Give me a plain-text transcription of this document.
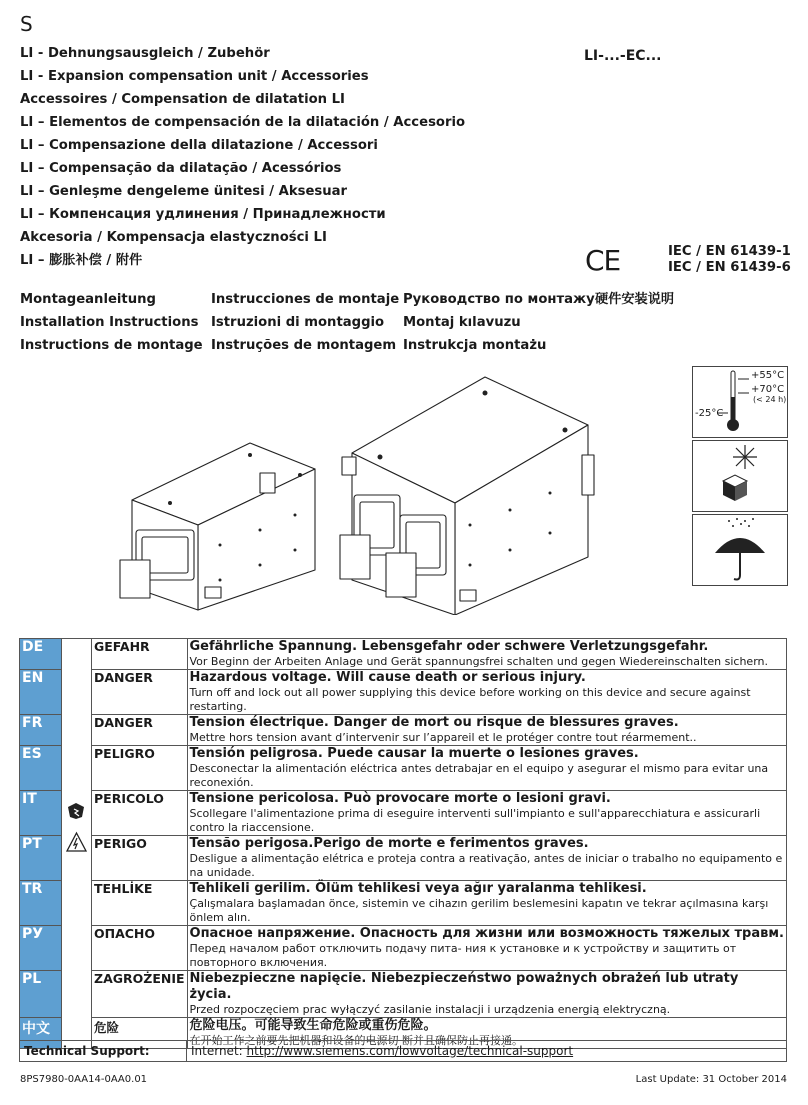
S
LI - Dehnungsausgleich / Zubehör
LI - Expansion compensation unit / Accessories
Accessoires / Compensation de dilatation LI
LI – Elementos de compensación de la dilatación / Accesorio
LI – Compensazione della dilatazione / Accessori
LI – Compensação da dilatação / Acessórios
LI – Genleşme dengeleme ünitesi / Aksesuar
LI – Компенсация удлинения / Принадлежности
Akcesoria / Kompensacja elastyczności LI
LI – 膨胀补偿 / 附件
LI-...-EC...
CE	IEC / EN 61439-1
IEC / EN 61439-6
Montageanleitung
Installation Instructions
Instructions de montage
Instrucciones de montaje
Istruzioni di montaggio
Instruções de montagem
Руководство по монтажу
Montaj kılavuzu
Instrukcja montażu
硬件安装说明
+55°C
+70°C
(< 24 h)
-25°C
DE		GEFAHR	Gefährliche Spannung. Lebensgefahr oder schwere Verletzungsgefahr.
Vor Beginn der Arbeiten Anlage und Gerät spannungsfrei schalten und gegen Wiedereinschalten sichern.

EN		DANGER	Hazardous voltage. Will cause death or serious injury.
Turn off and lock out all power supplying this device before working on this device and secure against restarting.

FR		DANGER	Tension électrique. Danger de mort ou risque de blessures graves.
Mettre hors tension avant d’intervenir sur l’appareil et le protéger contre tout réarmement..

ES		PELIGRO	Tensión peligrosa. Puede causar la muerte o lesiones graves.
Desconectar la alimentación eléctrica antes detrabajar en el equipo y asegurar el mismo para evitar una reconexión.

IT		PERICOLO	Tensione pericolosa. Può provocare morte o lesioni gravi.
Scollegare l'alimentazione prima di eseguire interventi sull'impianto e sull'apparecchiatura e assicurarli contro la riaccensione.

PT		PERIGO	Tensão perigosa.Perigo de morte e ferimentos graves.
Desligue a alimentação elétrica e proteja contra a reativação, antes de iniciar o trabalho no equipamento e na unidade.

TR		TEHLİKE	Tehlikeli gerilim. Ölüm tehlikesi veya ağır yaralanma tehlikesi.
Çalışmalara başlamadan önce, sistemin ve cihazın gerilim beslemesini kapatın ve tekrar açılmasına karşı önlem alın.

РУ		ОПАСНО	Опасное напряжение. Опасность для жизни или возможность тяжелых травм.
Перед началом работ отключить подачу пита- ния к установке и к устройству и защитить от повторного включения.

PL		ZAGROŻENIE	Niebezpieczne napięcie. Niebezpieczeństwo poważnych obrażeń lub utraty życia.
Przed rozpoczęciem prac wyłączyć zasilanie instalacji i urządzenia energią elektryczną.

中文		危险	危险电压。可能导致生命危险或重伤危险。
在开始工作之前要先把机器和设备的电源切 断并且确保防止再接通。
Technical Support:	Internet: http://www.siemens.com/lowvoltage/technical-support
8PS7980-0AA14-0AA0.01	Last Update: 31 October 2014
